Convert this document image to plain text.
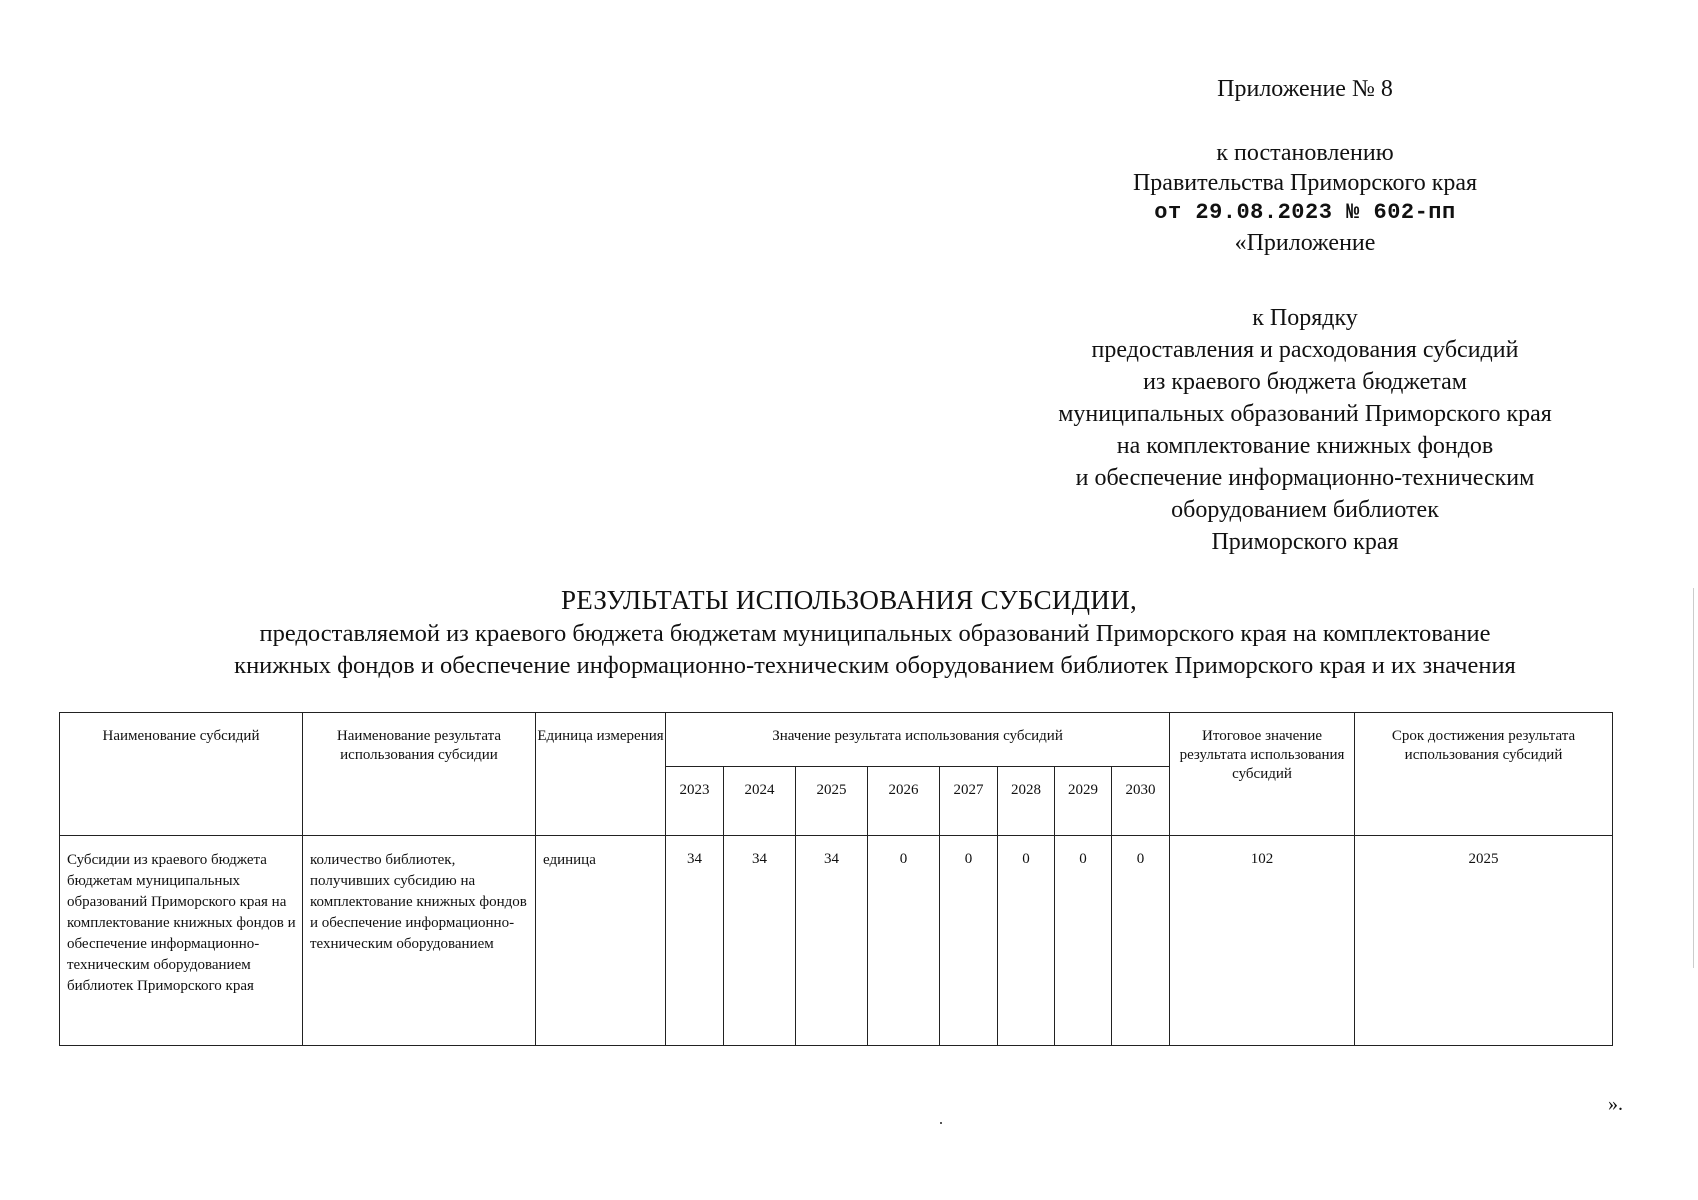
Приложение № 8
к постановлению
Правительства Приморского края
от 29.08.2023 № 602-пп
«Приложение
к Порядку
предоставления и расходования субсидий
из краевого бюджета бюджетам
муниципальных образований Приморского края
на комплектование книжных фондов
и обеспечение информационно-техническим
оборудованием библиотек
Приморского края
РЕЗУЛЬТАТЫ ИСПОЛЬЗОВАНИЯ СУБСИДИИ,
предоставляемой из краевого бюджета бюджетам муниципальных образований Приморского края на комплектование
книжных фондов и обеспечение информационно-техническим оборудованием библиотек Приморского края и их значения
Наименование субсидий	Наименование результата использования субсидии	Единица измерения	Значение результата использования субсидий								Итоговое значение результата использования субсидий	Срок достижения результата использования субсидий
			2023	2024	2025	2026	2027	2028	2029	2030		
Субсидии из краевого бюджета бюджетам муниципальных образований Приморского края на комплектование книжных фондов и обеспечение информационно-техническим оборудованием библиотек Приморского края	количество библиотек, получивших субсидию на комплектование книжных фондов и обеспечение информационно-техническим оборудованием	единица	34	34	34	0	0	0	0	0	102	2025
».
